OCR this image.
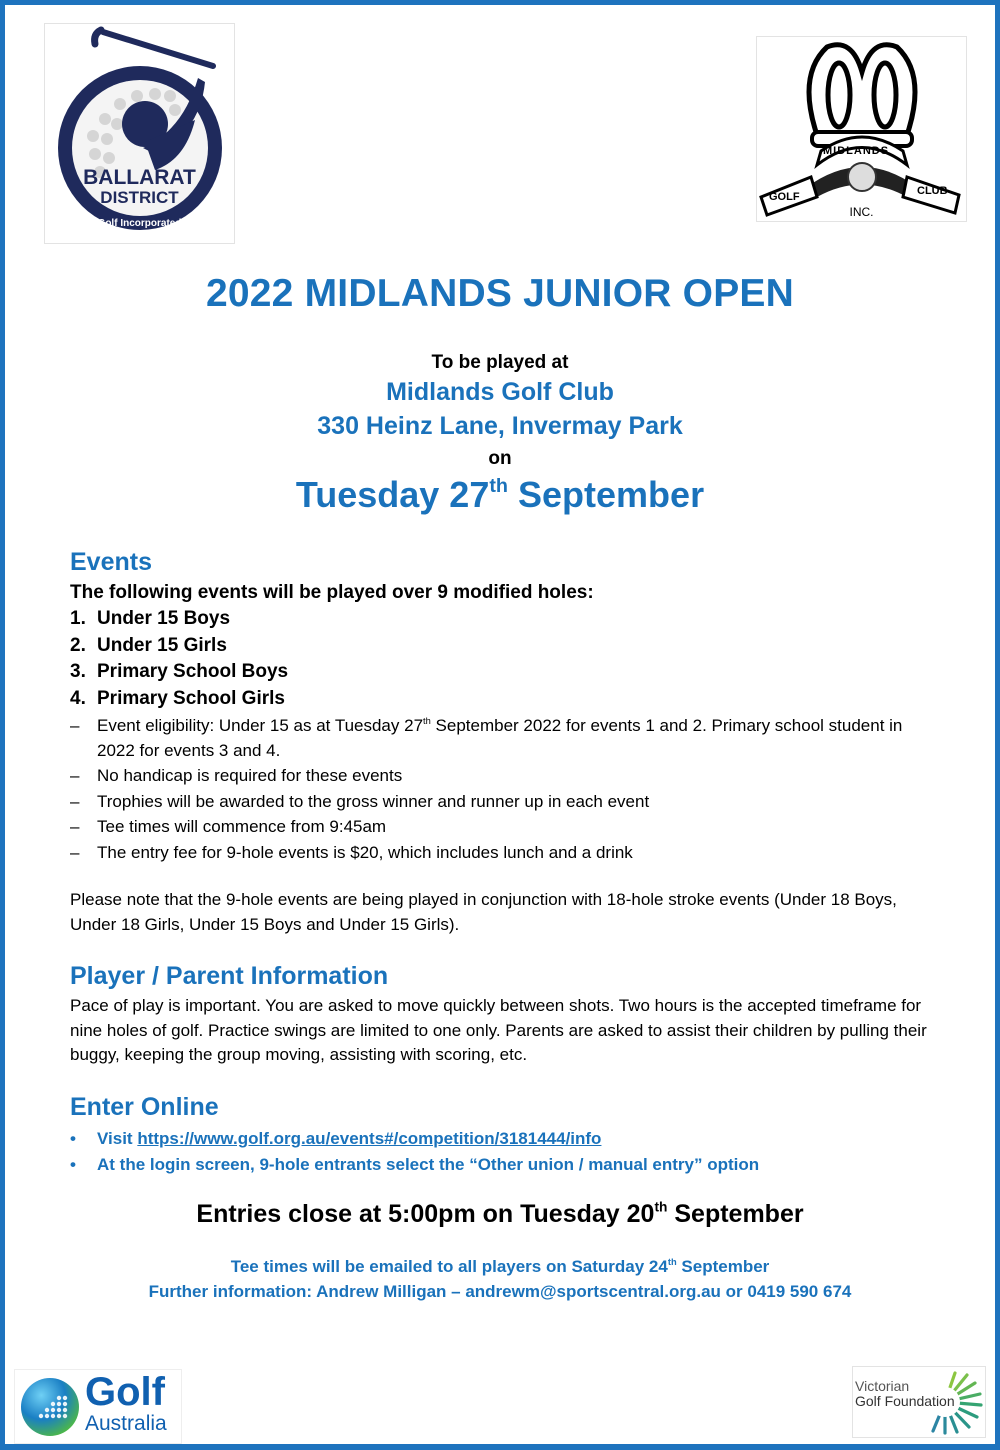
BALLARAT
DISTRICT
Golf Incorporated
MIDLANDS
GOLF	CLUB
INC.
2022 MIDLANDS JUNIOR OPEN
To be played at
Midlands Golf Club
330 Heinz Lane, Invermay Park
on
Tuesday 27th September
Events
The following events will be played over 9 modified holes:
1. Under 15 Boys
2. Under 15 Girls
3. Primary School Boys
4. Primary School Girls
–	Event eligibility: Under 15 as at Tuesday 27th September 2022 for events 1 and 2. Primary school student in 2022 for events 3 and 4.
–	No handicap is required for these events
–	Trophies will be awarded to the gross winner and runner up in each event
–	Tee times will commence from 9:45am
–	The entry fee for 9-hole events is $20, which includes lunch and a drink
Please note that the 9-hole events are being played in conjunction with 18-hole stroke events (Under 18 Boys, Under 18 Girls, Under 15 Boys and Under 15 Girls).
Player / Parent Information
Pace of play is important. You are asked to move quickly between shots. Two hours is the accepted timeframe for nine holes of golf. Practice swings are limited to one only. Parents are asked to assist their children by pulling their buggy, keeping the group moving, assisting with scoring, etc.
Enter Online
•	Visit https://www.golf.org.au/events#/competition/3181444/info
•	At the login screen, 9-hole entrants select the “Other union / manual entry” option
Entries close at 5:00pm on Tuesday 20th September
Tee times will be emailed to all players on Saturday 24th September
Further information: Andrew Milligan – andrewm@sportscentral.org.au or 0419 590 674
Golf
Australia
Victorian
Golf Foundation
